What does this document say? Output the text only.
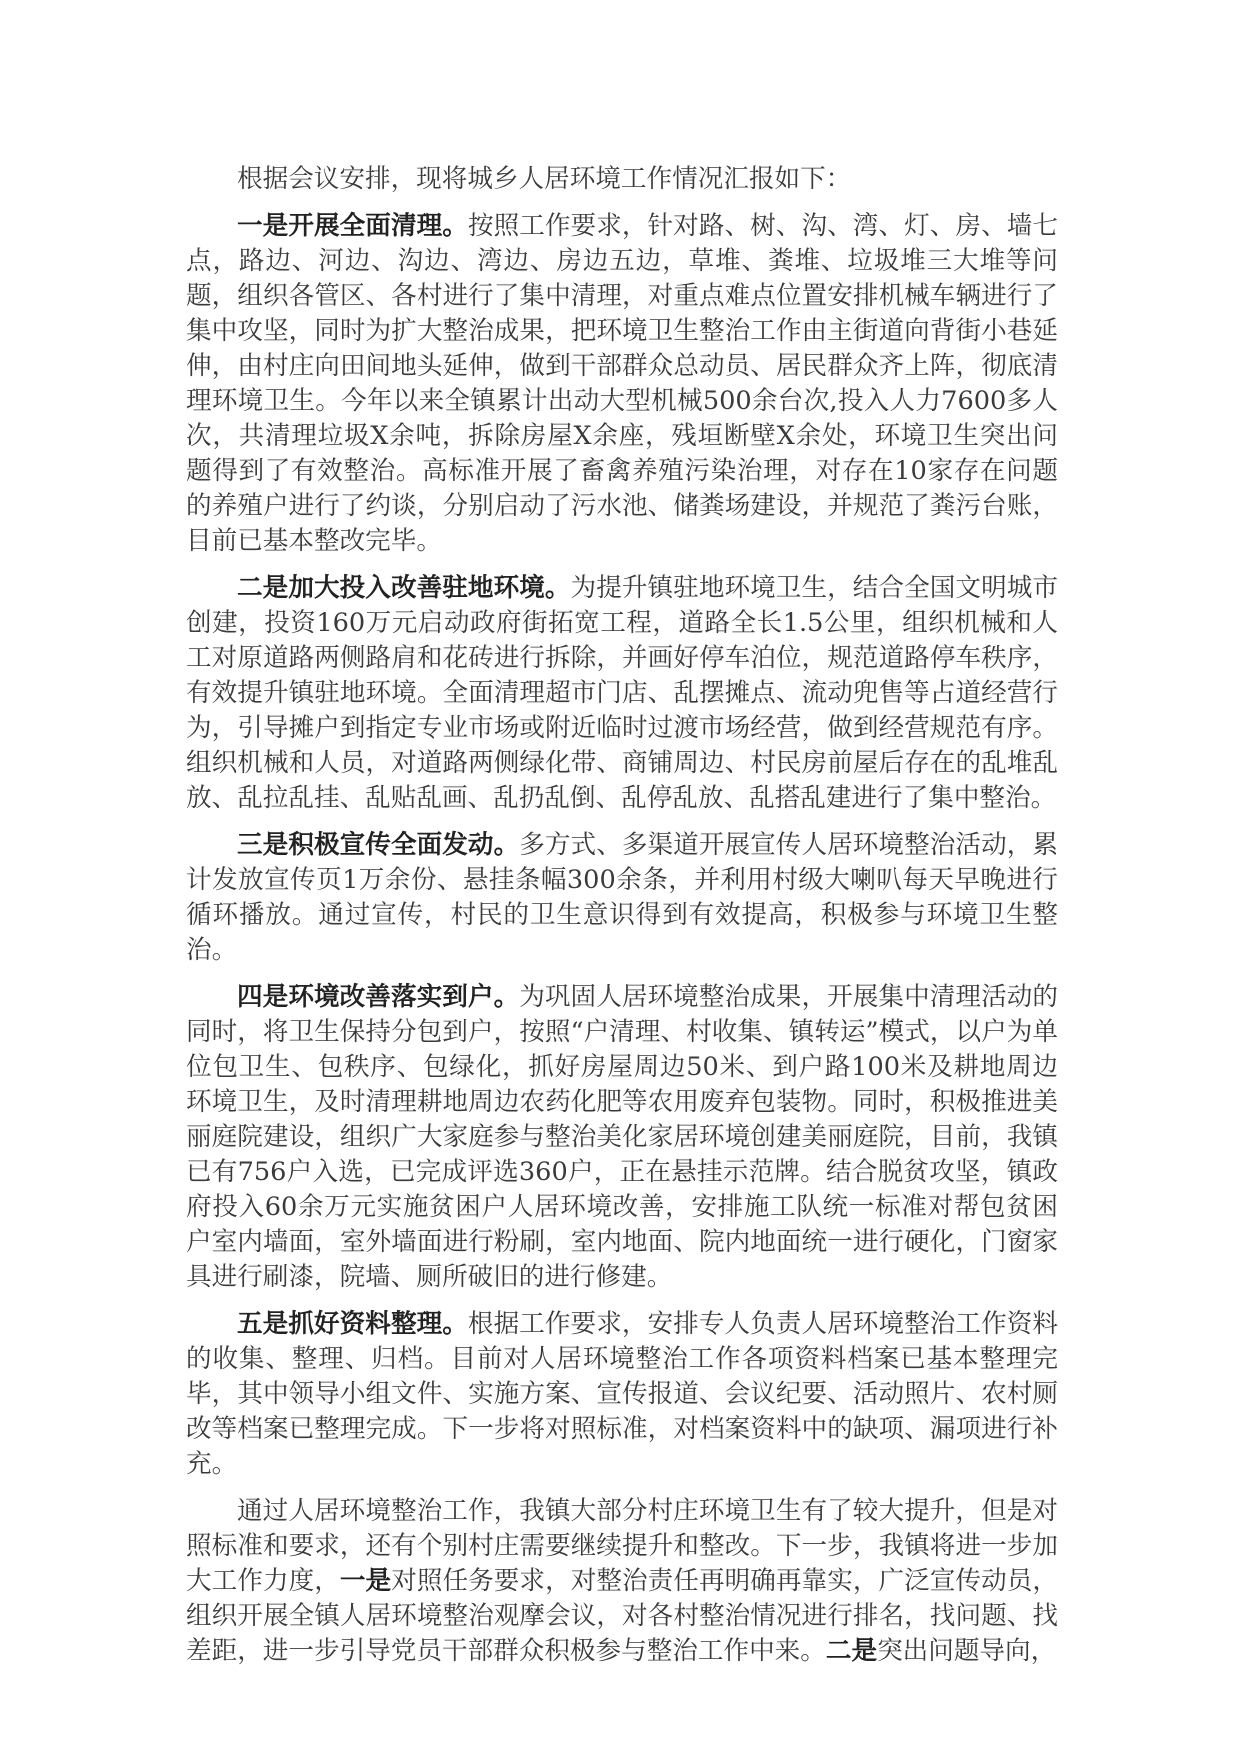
根据会议安排，现将城乡人居环境工作情况汇报如下：

一是开展全面清理。按照工作要求，针对路、树、沟、湾、灯、房、墙七点，路边、河边、沟边、湾边、房边五边，草堆、粪堆、垃圾堆三大堆等问题，组织各管区、各村进行了集中清理，对重点难点位置安排机械车辆进行了集中攻坚，同时为扩大整治成果，把环境卫生整治工作由主街道向背街小巷延伸，由村庄向田间地头延伸，做到干部群众总动员、居民群众齐上阵，彻底清理环境卫生。今年以来全镇累计出动大型机械500余台次,投入人力7600多人次，共清理垃圾X余吨，拆除房屋X余座，残垣断壁X余处，环境卫生突出问题得到了有效整治。高标准开展了畜禽养殖污染治理，对存在10家存在问题的养殖户进行了约谈，分别启动了污水池、储粪场建设，并规范了粪污台账，目前已基本整改完毕。

二是加大投入改善驻地环境。为提升镇驻地环境卫生，结合全国文明城市创建，投资160万元启动政府街拓宽工程，道路全长1.5公里，组织机械和人工对原道路两侧路肩和花砖进行拆除，并画好停车泊位，规范道路停车秩序，有效提升镇驻地环境。全面清理超市门店、乱摆摊点、流动兜售等占道经营行为，引导摊户到指定专业市场或附近临时过渡市场经营，做到经营规范有序。组织机械和人员，对道路两侧绿化带、商铺周边、村民房前屋后存在的乱堆乱放、乱拉乱挂、乱贴乱画、乱扔乱倒、乱停乱放、乱搭乱建进行了集中整治。

三是积极宣传全面发动。多方式、多渠道开展宣传人居环境整治活动，累计发放宣传页1万余份、悬挂条幅300余条，并利用村级大喇叭每天早晚进行循环播放。通过宣传，村民的卫生意识得到有效提高，积极参与环境卫生整治。

四是环境改善落实到户。为巩固人居环境整治成果，开展集中清理活动的同时，将卫生保持分包到户，按照“户清理、村收集、镇转运”模式，以户为单位包卫生、包秩序、包绿化，抓好房屋周边50米、到户路100米及耕地周边环境卫生，及时清理耕地周边农药化肥等农用废弃包装物。同时，积极推进美丽庭院建设，组织广大家庭参与整治美化家居环境创建美丽庭院，目前，我镇已有756户入选，已完成评选360户，正在悬挂示范牌。结合脱贫攻坚，镇政府投入60余万元实施贫困户人居环境改善，安排施工队统一标准对帮包贫困户室内墙面，室外墙面进行粉刷，室内地面、院内地面统一进行硬化，门窗家具进行刷漆，院墙、厕所破旧的进行修建。

五是抓好资料整理。根据工作要求，安排专人负责人居环境整治工作资料的收集、整理、归档。目前对人居环境整治工作各项资料档案已基本整理完毕，其中领导小组文件、实施方案、宣传报道、会议纪要、活动照片、农村厕改等档案已整理完成。下一步将对照标准，对档案资料中的缺项、漏项进行补充。

通过人居环境整治工作，我镇大部分村庄环境卫生有了较大提升，但是对照标准和要求，还有个别村庄需要继续提升和整改。下一步，我镇将进一步加大工作力度，一是对照任务要求，对整治责任再明确再靠实，广泛宣传动员，组织开展全镇人居环境整治观摩会议，对各村整治情况进行排名，找问题、找差距，进一步引导党员干部群众积极参与整治工作中来。二是突出问题导向，
